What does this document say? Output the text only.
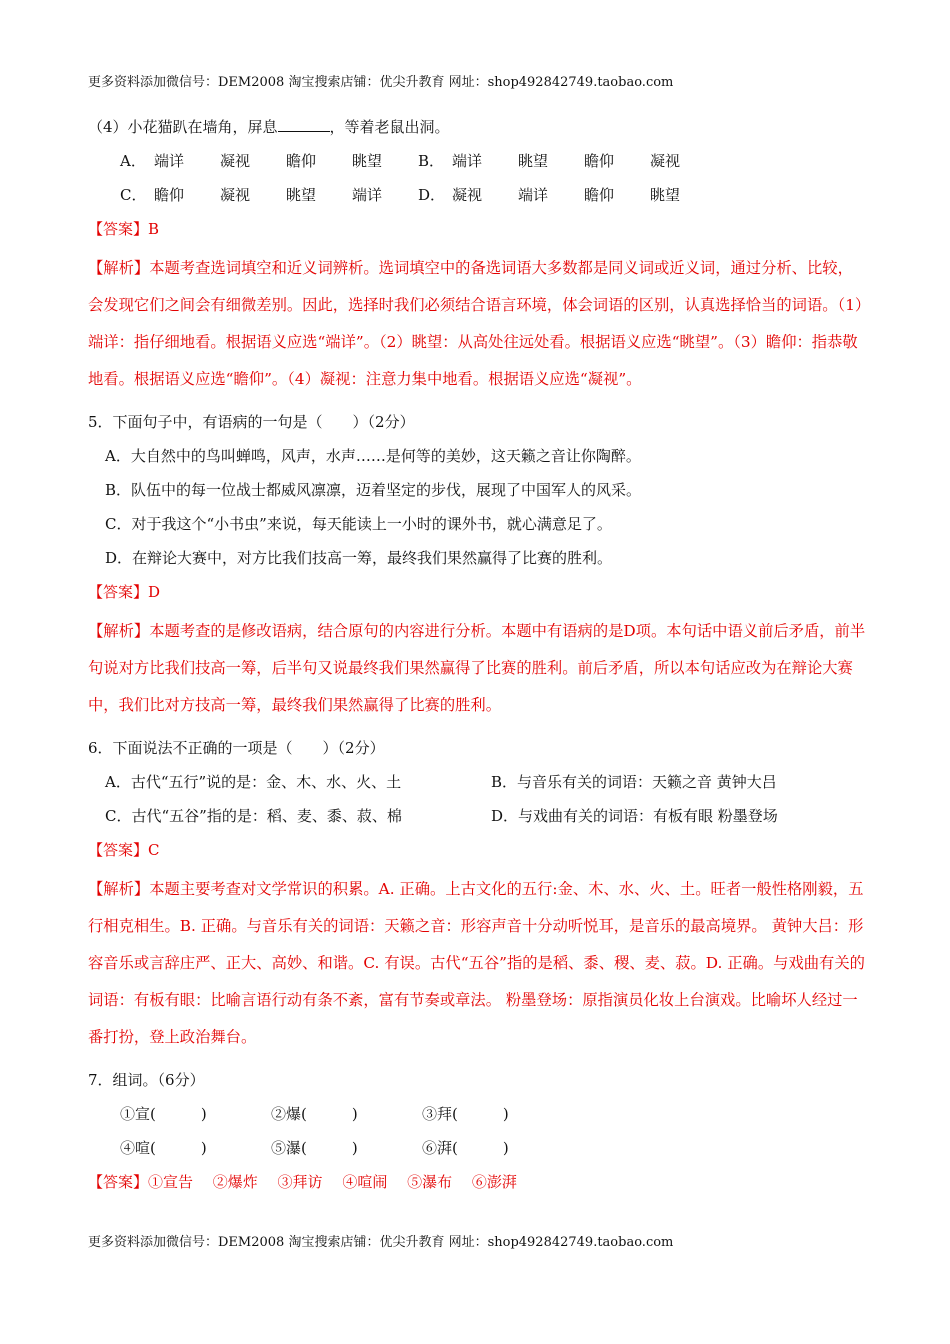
更多资料添加微信号：DEM2008 淘宝搜索店铺：优尖升教育 网址：shop492842749.taobao.com
（4）小花猫趴在墙角，屏息	，等着老鼠出洞。
A． 端详 凝视 瞻仰 眺望 B． 端详 眺望 瞻仰 凝视
C． 瞻仰 凝视 眺望 端详 D． 凝视 端详 瞻仰 眺望
【答案】B
【解析】本题考查选词填空和近义词辨析。选词填空中的备选词语大多数都是同义词或近义词，通过分析、比较，会发现它们之间会有细微差别。因此，选择时我们必须结合语言环境，体会词语的区别，认真选择恰当的词语。（1）端详：指仔细地看。根据语义应选“端详”。（2）眺望：从高处往远处看。根据语义应选“眺望”。（3）瞻仰：指恭敬地看。根据语义应选“瞻仰”。（4）凝视：注意力集中地看。根据语义应选“凝视”。
5．下面句子中，有语病的一句是（　　）（2分）
A．大自然中的鸟叫蝉鸣，风声，水声……是何等的美妙，这天籁之音让你陶醉。
B．队伍中的每一位战士都威风凛凛，迈着坚定的步伐，展现了中国军人的风采。
C．对于我这个“小书虫”来说，每天能读上一小时的课外书，就心满意足了。
D．在辩论大赛中，对方比我们技高一筹，最终我们果然赢得了比赛的胜利。
【答案】D
【解析】本题考查的是修改语病，结合原句的内容进行分析。本题中有语病的是D项。本句话中语义前后矛盾，前半句说对方比我们技高一筹，后半句又说最终我们果然赢得了比赛的胜利。前后矛盾，所以本句话应改为在辩论大赛中，我们比对方技高一筹，最终我们果然赢得了比赛的胜利。
6．下面说法不正确的一项是（　　）（2分）
A．古代“五行”说的是：金、木、水、火、土	B．与音乐有关的词语：天籁之音 黄钟大吕
C．古代“五谷”指的是：稻、麦、黍、菽、棉	D．与戏曲有关的词语：有板有眼 粉墨登场
【答案】C
【解析】本题主要考查对文学常识的积累。A. 正确。上古文化的五行:金、木、水、火、土。旺者一般性格刚毅，五行相克相生。B. 正确。与音乐有关的词语：天籁之音：形容声音十分动听悦耳，是音乐的最高境界。 黄钟大吕：形容音乐或言辞庄严、正大、高妙、和谐。C. 有误。古代“五谷”指的是稻、黍、稷、麦、菽。D. 正确。与戏曲有关的词语：有板有眼：比喻言语行动有条不紊，富有节奏或章法。 粉墨登场：原指演员化妆上台演戏。比喻坏人经过一番打扮，登上政治舞台。
7．组词。（6分）
①宣(　　　)	②爆(　　　)	③拜(　　　)
④喧(　　　)	⑤瀑(　　　)	⑥湃(　　　)
【答案】①宣告　 ②爆炸　 ③拜访　 ④喧闹　 ⑤瀑布　 ⑥澎湃
更多资料添加微信号：DEM2008 淘宝搜索店铺：优尖升教育 网址：shop492842749.taobao.com
